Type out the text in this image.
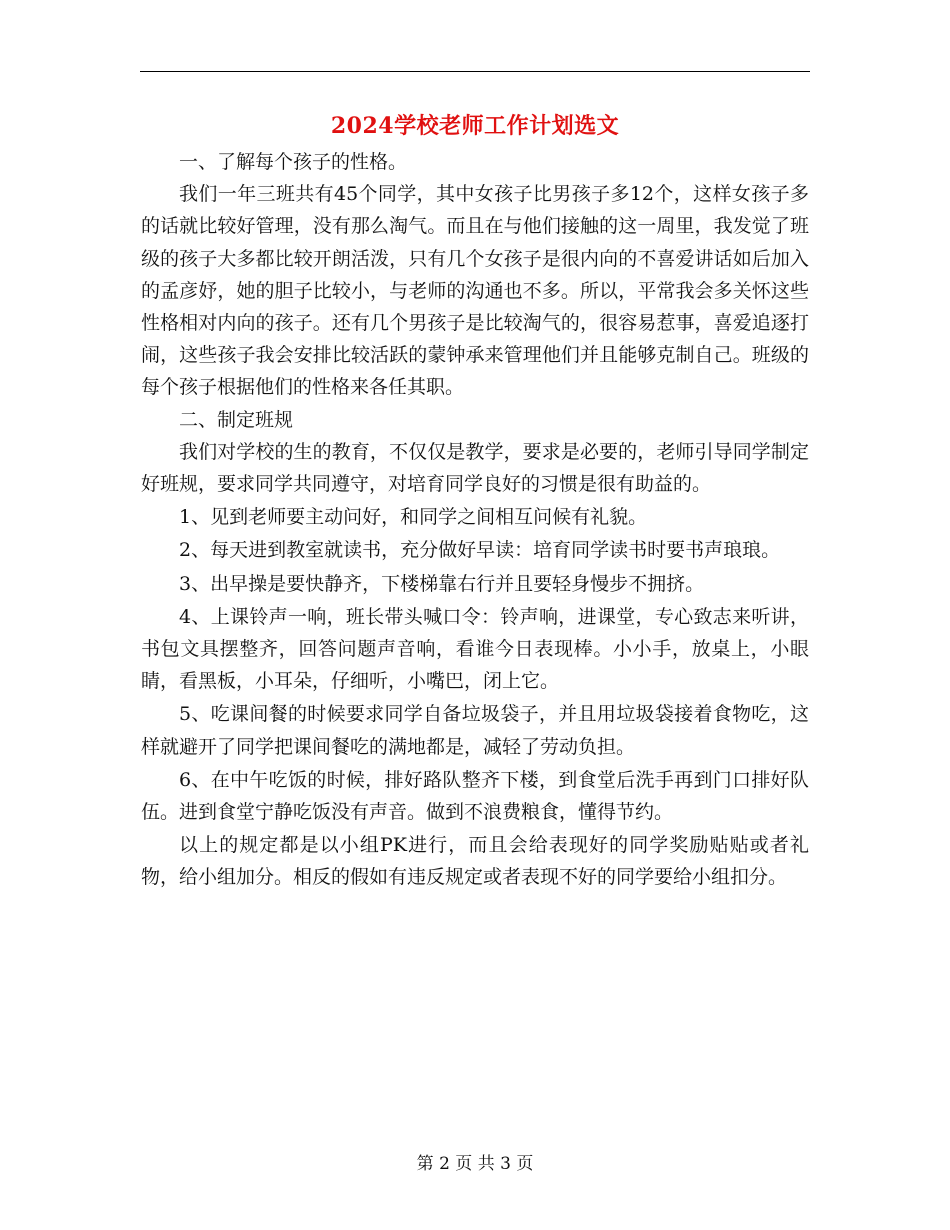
2024学校老师工作计划选文

一、了解每个孩子的性格。

我们一年三班共有45个同学，其中女孩子比男孩子多12个，这样女孩子多的话就比较好管理，没有那么淘气。而且在与他们接触的这一周里，我发觉了班级的孩子大多都比较开朗活泼，只有几个女孩子是很内向的不喜爱讲话如后加入的孟彦妤，她的胆子比较小，与老师的沟通也不多。所以，平常我会多关怀这些性格相对内向的孩子。还有几个男孩子是比较淘气的，很容易惹事，喜爱追逐打闹，这些孩子我会安排比较活跃的蒙钟承来管理他们并且能够克制自己。班级的每个孩子根据他们的性格来各任其职。

二、制定班规

我们对学校的生的教育，不仅仅是教学，要求是必要的，老师引导同学制定好班规，要求同学共同遵守，对培育同学良好的习惯是很有助益的。

1、见到老师要主动问好，和同学之间相互问候有礼貌。

2、每天进到教室就读书，充分做好早读：培育同学读书时要书声琅琅。

3、出早操是要快静齐，下楼梯靠右行并且要轻身慢步不拥挤。

4、上课铃声一响，班长带头喊口令：铃声响，进课堂，专心致志来听讲，书包文具摆整齐，回答问题声音响，看谁今日表现棒。小小手，放桌上，小眼睛，看黑板，小耳朵，仔细听，小嘴巴，闭上它。

5、吃课间餐的时候要求同学自备垃圾袋子，并且用垃圾袋接着食物吃，这样就避开了同学把课间餐吃的满地都是，减轻了劳动负担。

6、在中午吃饭的时候，排好路队整齐下楼，到食堂后洗手再到门口排好队伍。进到食堂宁静吃饭没有声音。做到不浪费粮食，懂得节约。

以上的规定都是以小组PK进行，而且会给表现好的同学奖励贴贴或者礼物，给小组加分。相反的假如有违反规定或者表现不好的同学要给小组扣分。

第 2 页 共 3 页
